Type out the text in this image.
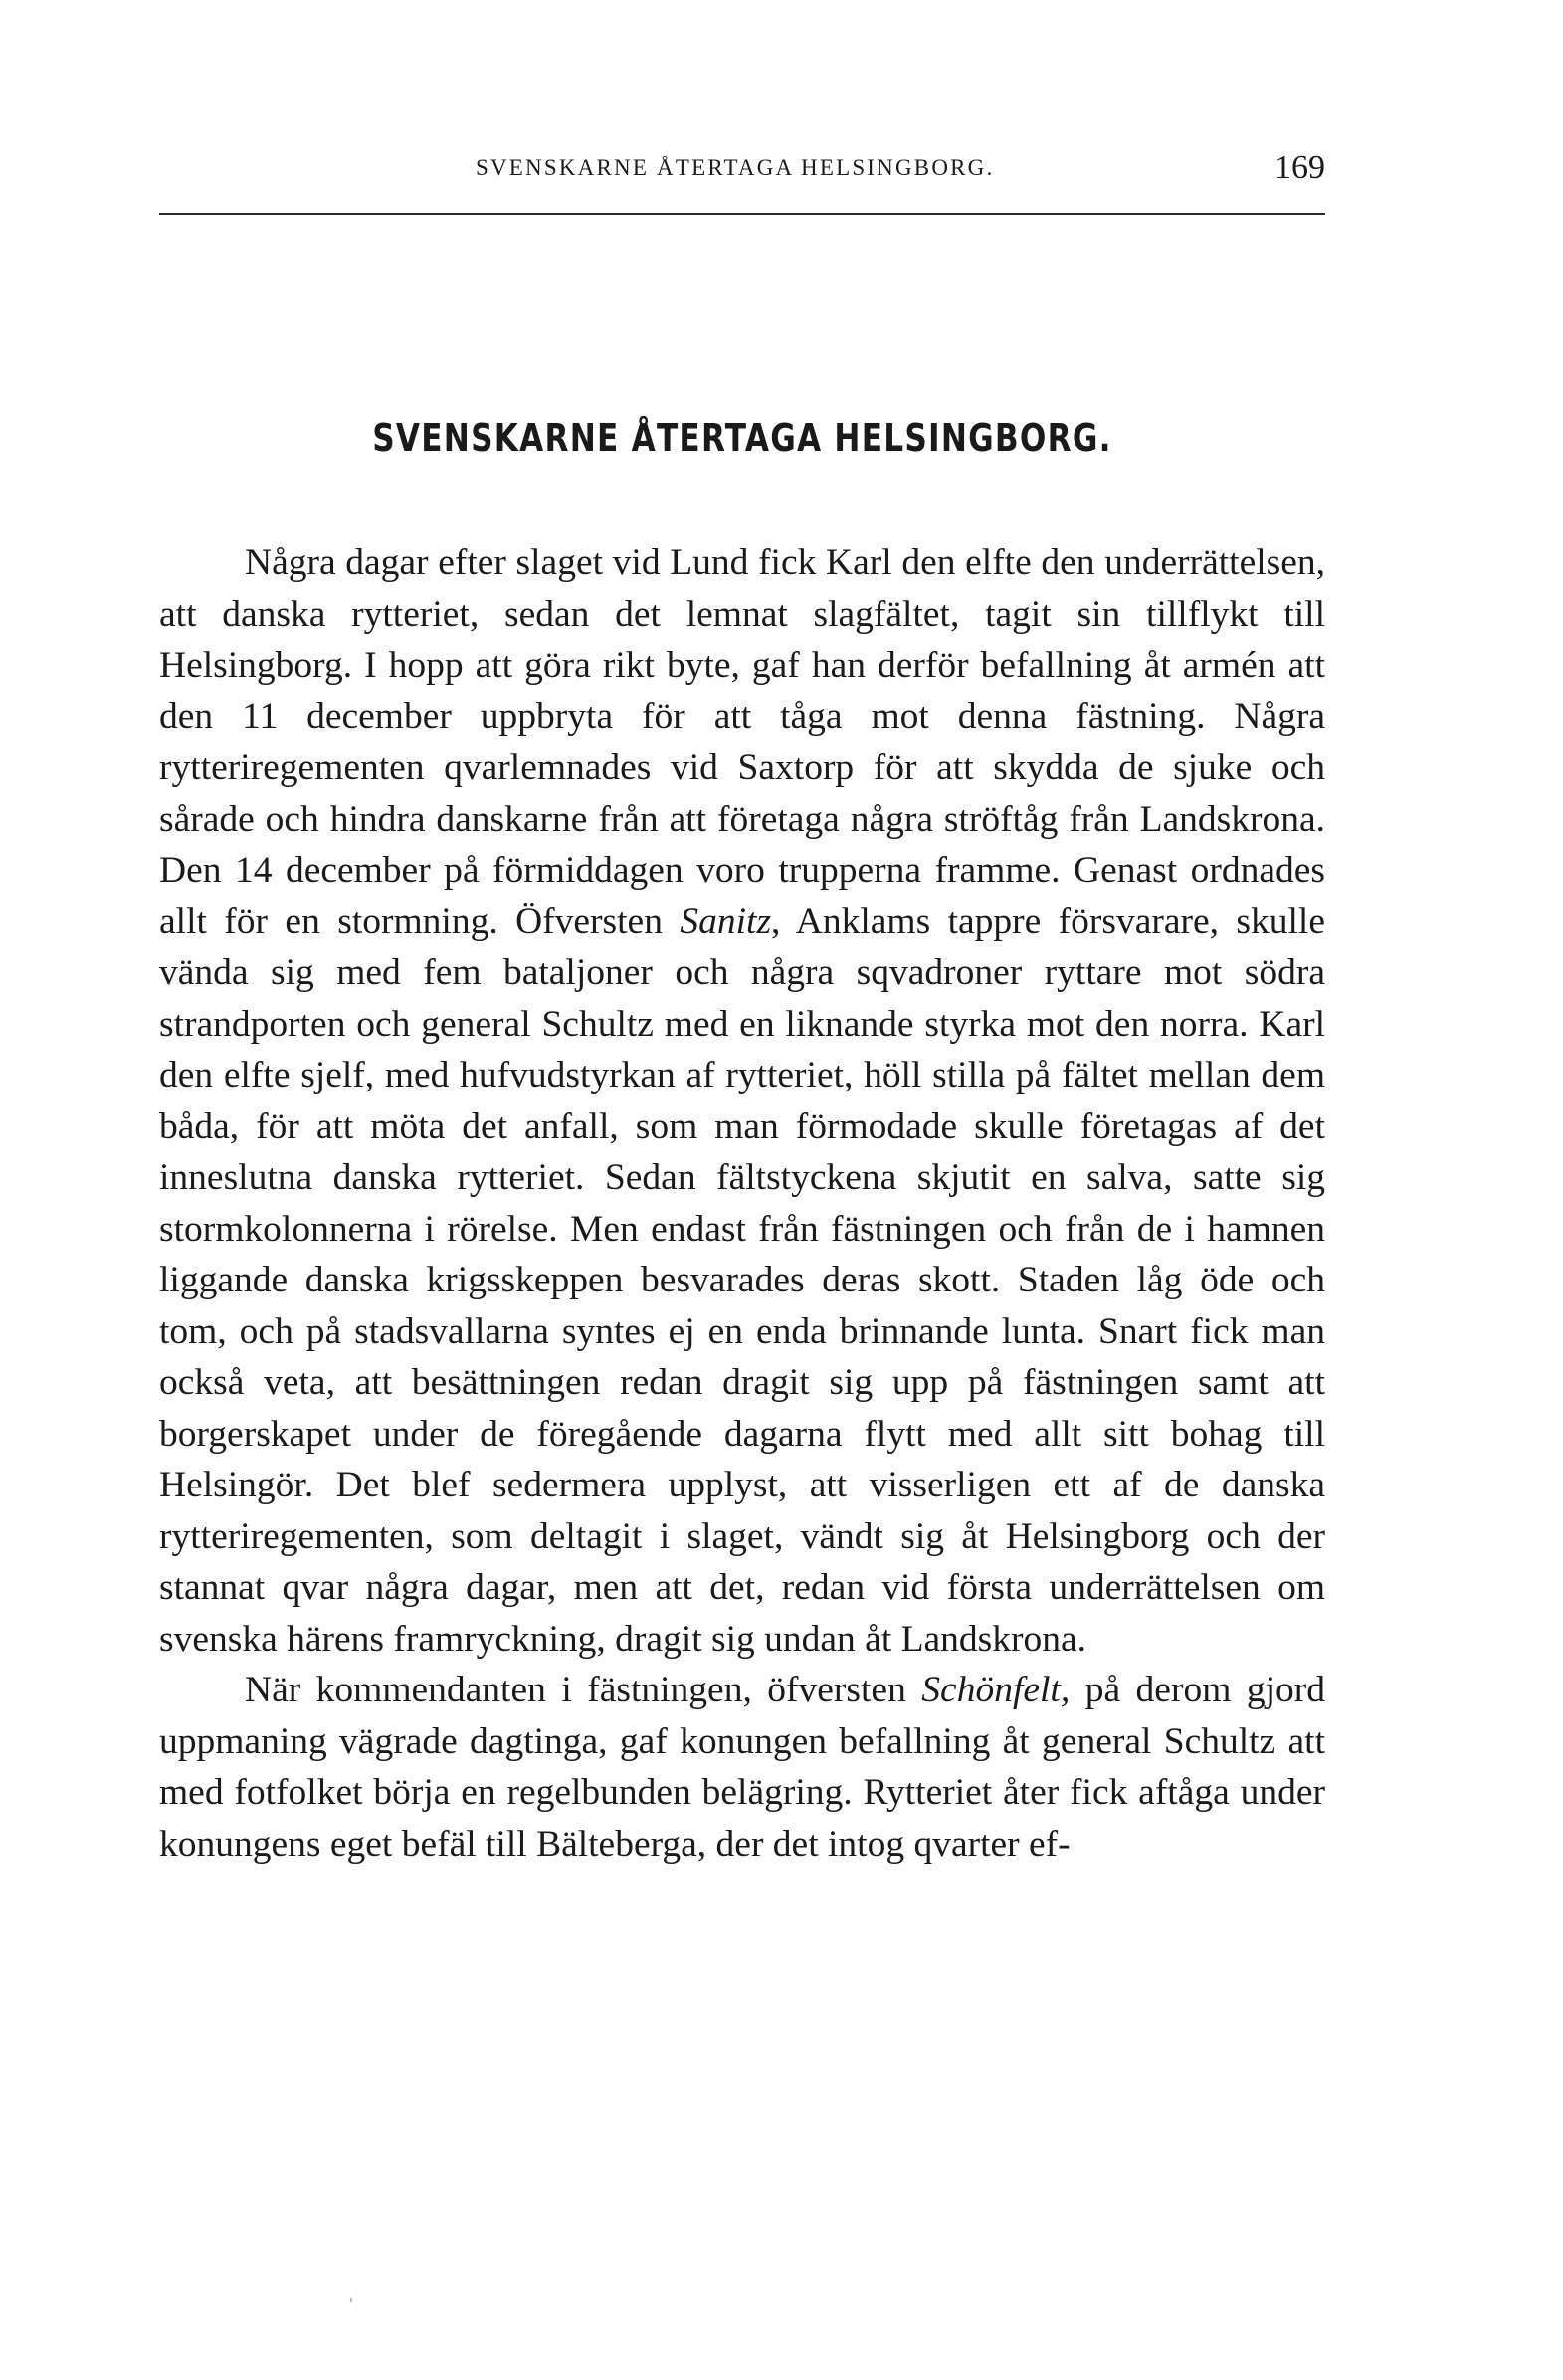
SVENSKARNE ÅTERTAGA HELSINGBORG.	169
SVENSKARNE ÅTERTAGA HELSINGBORG.

Några dagar efter slaget vid Lund fick Karl den elfte den underrättelsen, att danska rytteriet, sedan det lemnat slagfältet, tagit sin tillflykt till Helsingborg. I hopp att göra rikt byte, gaf han derför befallning åt armén att den 11 december uppbryta för att tåga mot denna fästning. Några rytteriregementen qvarlemnades vid Saxtorp för att skydda de sjuke och sårade och hindra danskarne från att företaga några ströftåg från Landskrona. Den 14 december på förmiddagen voro trupperna framme. Genast ordnades allt för en stormning. Öfversten Sanitz, Anklams tappre försvarare, skulle vända sig med fem bataljoner och några sqvadroner ryttare mot södra strandporten och general Schultz med en liknande styrka mot den norra. Karl den elfte sjelf, med hufvudstyrkan af rytteriet, höll stilla på fältet mellan dem båda, för att möta det anfall, som man förmodade skulle företagas af det inneslutna danska rytteriet. Sedan fältstyckena skjutit en salva, satte sig stormkolonnerna i rörelse. Men endast från fästningen och från de i hamnen liggande danska krigsskeppen besvarades deras skott. Staden låg öde och tom, och på stadsvallarna syntes ej en enda brinnande lunta. Snart fick man också veta, att besättningen redan dragit sig upp på fästningen samt att borgerskapet under de föregående dagarna flytt med allt sitt bohag till Helsingör. Det blef sedermera upplyst, att visserligen ett af de danska rytteriregementen, som deltagit i slaget, vändt sig åt Helsingborg och der stannat qvar några dagar, men att det, redan vid första underrättelsen om svenska härens framryckning, dragit sig undan åt Landskrona.

När kommendanten i fästningen, öfversten Schönfelt, på derom gjord uppmaning vägrade dagtinga, gaf konungen befallning åt general Schultz att med fotfolket börja en regelbunden belägring. Rytteriet åter fick aftåga under konungens eget befäl till Bälteberga, der det intog qvarter ef-
